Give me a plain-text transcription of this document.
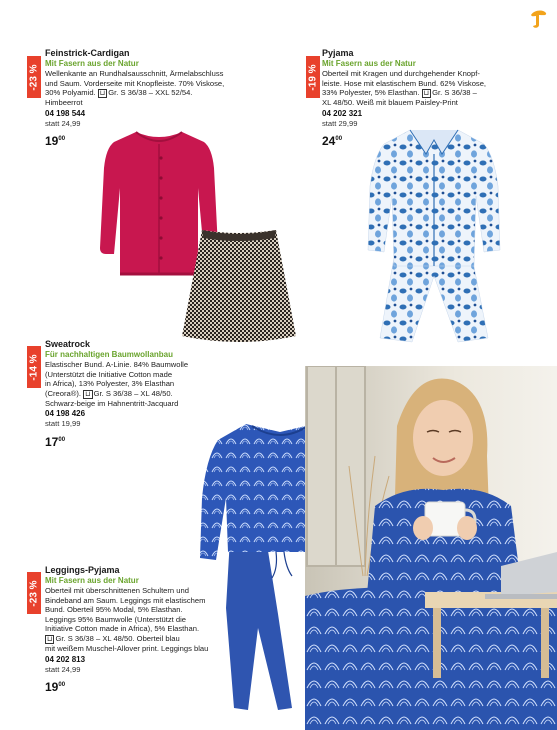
-23 %
Feinstrick-Cardigan
Mit Fasern aus der Natur
Wellenkante an Rundhalsausschnitt, Ärmelabschluss
und Saum. Vorderseite mit Knopfleiste. 70% Viskose,
30% Polyamid. ⊔ Gr. S 36/38 – XXL 52/54.
Himbeerrot
04 198 544
statt 24,99
$19^{00}$
-19 %
Pyjama
Mit Fasern aus der Natur
Oberteil mit Kragen und durchgehender Knopf-
leiste. Hose mit elastischem Bund. 62% Viskose,
33% Polyester, 5% Elasthan. ⊔ Gr. S 36/38 –
XL 48/50. Weiß mit blauem Paisley-Print
04 202 321
statt 29,99
$24^{00}$
-14 %
Sweatrock
Für nachhaltigen Baumwollanbau
Elastischer Bund. A-Linie. 84% Baumwolle
(Unterstützt die Initiative Cotton made
in Africa), 13% Polyester, 3% Elasthan
(Creora®). ⊔ Gr. S 36/38 – XL 48/50.
Schwarz-beige im Hahnentritt-Jacquard
04 198 426
statt 19,99
$17^{00}$
-23 %
Leggings-Pyjama
Mit Fasern aus der Natur
Oberteil mit überschnittenen Schultern und
Bindeband am Saum. Leggings mit elastischem
Bund. Oberteil 95% Modal, 5% Elasthan.
Leggings 95% Baumwolle (Unterstützt die
Initiative Cotton made in Africa), 5% Elasthan.
⊔ Gr. S 36/38 – XL 48/50. Oberteil blau
mit weißem Muschel-Allover print. Leggings blau
04 202 813
statt 24,99
$19^{00}$
